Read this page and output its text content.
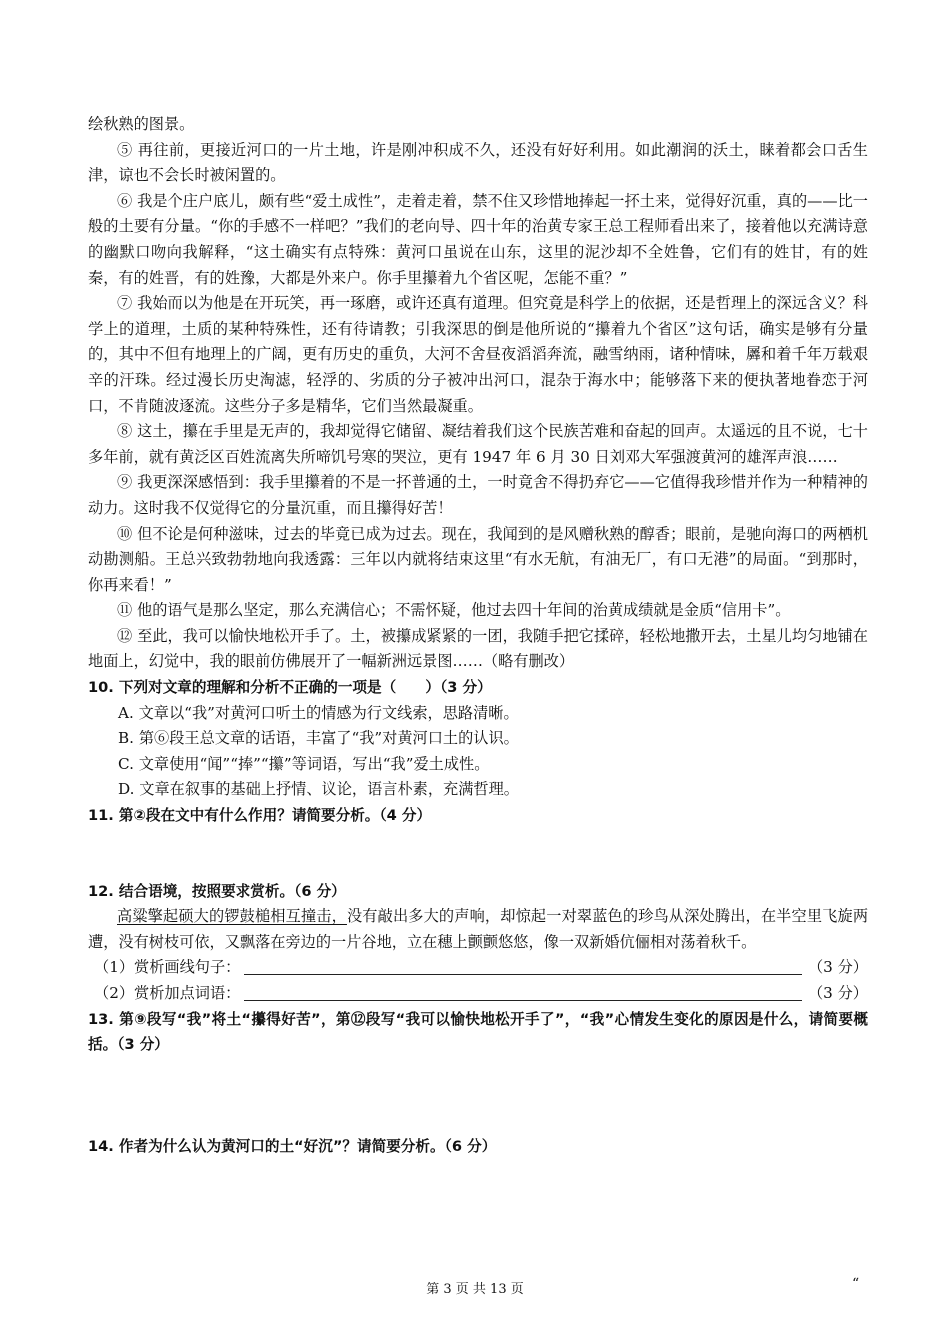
绘秋熟的图景。

⑤ 再往前，更接近河口的一片土地，许是刚冲积成不久，还没有好好利用。如此潮润的沃土，睐着都会口舌生津，谅也不会长时被闲置的。

⑥ 我是个庄户底儿，颇有些“爱土成性”，走着走着，禁不住又珍惜地捧起一抔土来，觉得好沉重，真的——比一般的土要有分量。“你的手感不一样吧？”我们的老向导、四十年的治黄专家王总工程师看出来了，接着他以充满诗意的幽默口吻向我解释，“这土确实有点特殊：黄河口虽说在山东，这里的泥沙却不全姓鲁，它们有的姓甘，有的姓秦，有的姓晋，有的姓豫，大都是外来户。你手里攥着九个省区呢，怎能不重？”

⑦ 我始而以为他是在开玩笑，再一琢磨，或许还真有道理。但究竟是科学上的依据，还是哲理上的深远含义？科学上的道理，土质的某种特殊性，还有待请教；引我深思的倒是他所说的“攥着九个省区”这句话，确实是够有分量的，其中不但有地理上的广阔，更有历史的重负，大河不舍昼夜滔滔奔流，融雪纳雨，诸种情味，羼和着千年万载艰辛的汗珠。经过漫长历史淘滤，轻浮的、劣质的分子被冲出河口，混杂于海水中；能够落下来的便执著地眷恋于河口，不肯随波逐流。这些分子多是精华，它们当然最凝重。

⑧ 这土，攥在手里是无声的，我却觉得它储留、凝结着我们这个民族苦难和奋起的回声。太遥远的且不说，七十多年前，就有黄泛区百姓流离失所啼饥号寒的哭泣，更有 1947 年 6 月 30 日刘邓大军强渡黄河的雄浑声浪……

⑨ 我更深深感悟到：我手里攥着的不是一抔普通的土，一时竟舍不得扔弃它——它值得我珍惜并作为一种精神的动力。这时我不仅觉得它的分量沉重，而且攥得好苦！

⑩ 但不论是何种滋味，过去的毕竟已成为过去。现在，我闻到的是风赠秋熟的醇香；眼前，是驰向海口的两栖机动勘测船。王总兴致勃勃地向我透露：三年以内就将结束这里“有水无航，有油无厂，有口无港”的局面。“到那时，你再来看！”

⑪ 他的语气是那么坚定，那么充满信心；不需怀疑，他过去四十年间的治黄成绩就是金质“信用卡”。

⑫ 至此，我可以愉快地松开手了。土，被攥成紧紧的一团，我随手把它揉碎，轻松地撒开去，土星儿均匀地铺在地面上，幻觉中，我的眼前仿佛展开了一幅新洲远景图……（略有删改）

10. 下列对文章的理解和分析不正确的一项是（　　）（3 分）

A. 文章以“我”对黄河口听土的情感为行文线索，思路清晰。

B. 第⑥段王总文章的话语，丰富了“我”对黄河口土的认识。

C. 文章使用“闻”“捧”“攥”等词语，写出“我”爱土成性。

D. 文章在叙事的基础上抒情、议论，语言朴素，充满哲理。

11. 第②段在文中有什么作用？请简要分析。（4 分）

12. 结合语境，按照要求赏析。（6 分）

高粱擎起硕大的锣鼓槌相互撞击，没有敲出多大的声响，却惊起一对翠蓝色的珍鸟从深处腾出，在半空里飞旋两遭，没有树枝可依，又飘落在旁边的一片谷地，立在穗上颤颤悠悠，像一双新婚伉俪相对荡着秋千。

（1）赏析画线句子：	（3 分）
（2）赏析加点词语：	（3 分）

13. 第⑨段写“我”将土“攥得好苦”，第⑫段写“我可以愉快地松开手了”，“我”心情发生变化的原因是什么，请简要概括。（3 分）

14. 作者为什么认为黄河口的土“好沉”？请简要分析。（6 分）

第 3 页 共 13 页	“
